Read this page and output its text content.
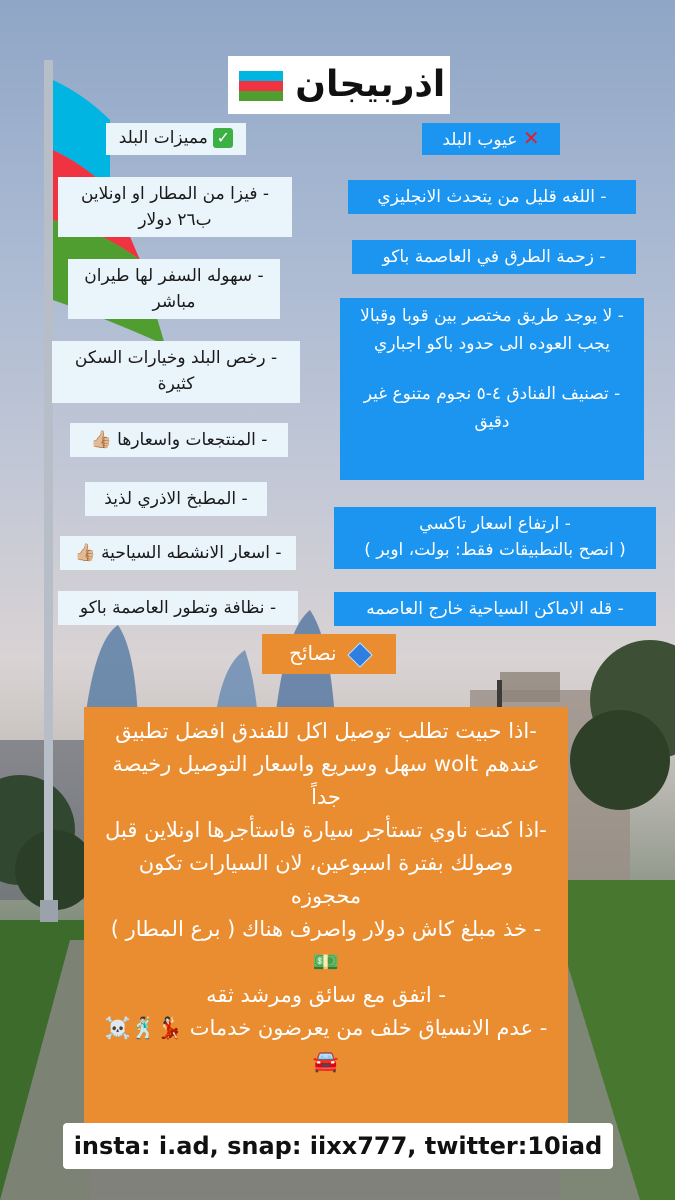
اذربيجان
✓ مميزات البلد	✕ عيوب البلد
- فيزا من المطار او اونلاين ب٢٦ دولار
- سهوله السفر لها طيران مباشر
- رخص البلد وخيارات السكن كثيرة
- المنتجعات واسعارها 👍🏼
- المطبخ الاذري لذيذ
- اسعار الانشطه السياحية 👍🏼
- نظافة وتطور العاصمة باكو
- اللغه قليل من يتحدث الانجليزي
- زحمة الطرق في العاصمة باكو
- لا يوجد طريق مختصر بين قوبا وقبالا يجب العوده الى حدود باكو اجباري
- تصنيف الفنادق ٤-٥ نجوم متنوع غير دقيق
- ارتفاع اسعار تاكسي
( انصح بالتطبيقات فقط: بولت، اوبر )
- قله الاماكن السياحية خارج العاصمه
نصائح
-اذا حبيت تطلب توصيل اكل للفندق افضل تطبيق عندهم wolt سهل وسريع واسعار التوصيل رخيصة جداً
-اذا كنت ناوي تستأجر سيارة فاستأجرها اونلاين قبل وصولك بفترة اسبوعين، لان السيارات تكون محجوزه
- خذ مبلغ كاش دولار واصرف هناك ( برع المطار ) 💵
- اتفق مع سائق ومرشد ثقه
- عدم الانسياق خلف من يعرضون خدمات 💃🏻🕺🏻☠️🚘
insta: i.ad, snap: iixx777, twitter:10iad
